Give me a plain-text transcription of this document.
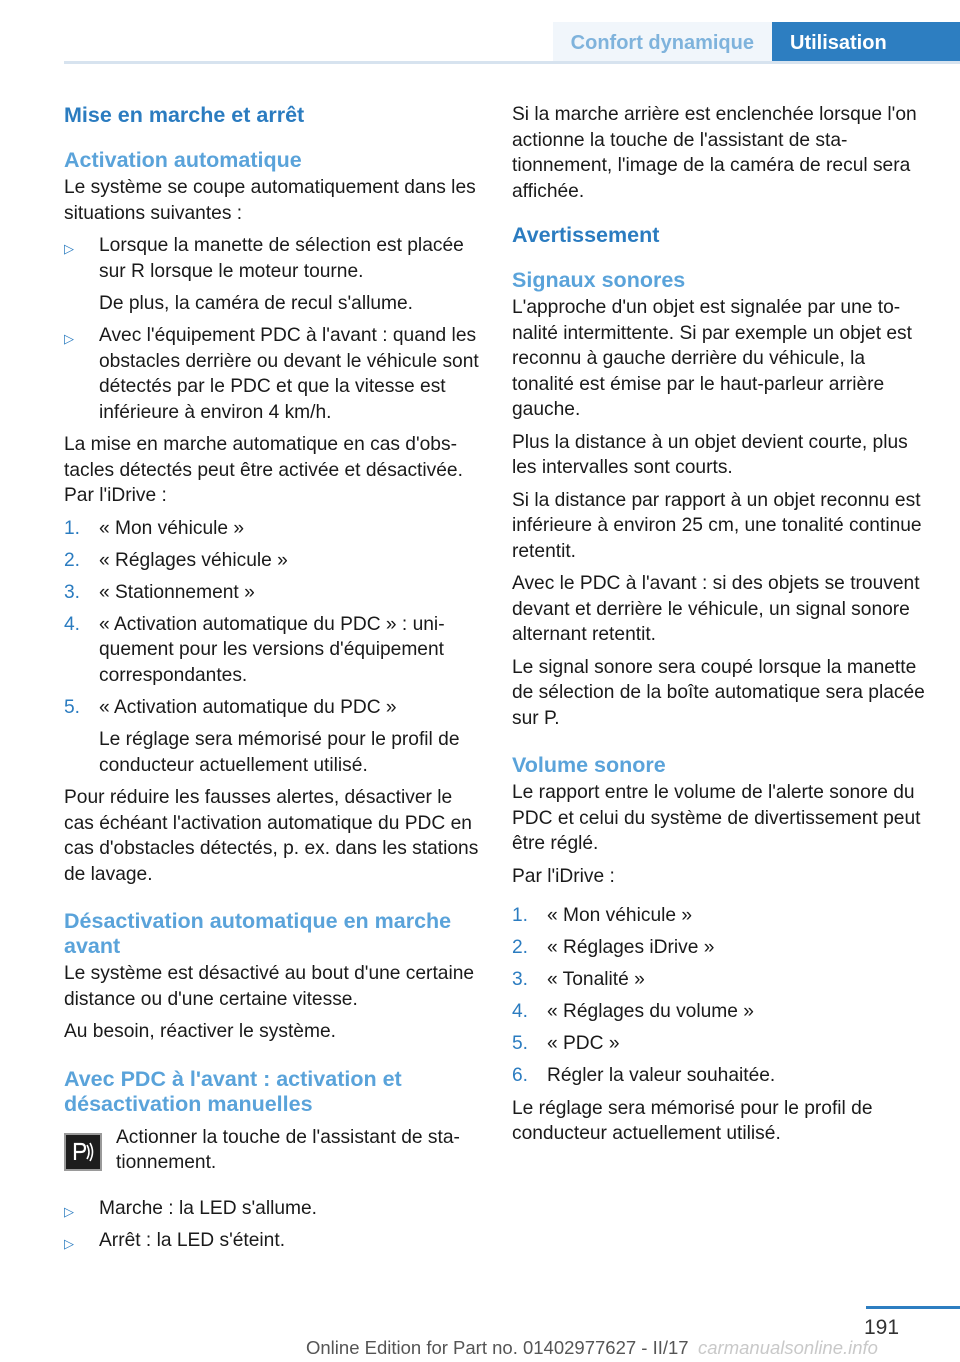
Confort dynamique	Utilisation
Mise en marche et arrêt
Activation automatique

Le système se coupe automatiquement dans les situations suivantes :

▷ Lorsque la manette de sélection est placée sur R lorsque le moteur tourne.
De plus, la caméra de recul s'allume.
▷ Avec l'équipement PDC à l'avant : quand les obstacles derrière ou devant le véhicule sont détectés par le PDC et que la vitesse est inférieure à environ 4 km/h.

La mise en marche automatique en cas d'obstacles détectés peut être activée et désactivée. Par l'iDrive :

1. « Mon véhicule »
2. « Réglages véhicule »
3. « Stationnement »
4. « Activation automatique du PDC » : uniquement pour les versions d'équipement correspondantes.
5. « Activation automatique du PDC »
Le réglage sera mémorisé pour le profil de conducteur actuellement utilisé.

Pour réduire les fausses alertes, désactiver le cas échéant l'activation automatique du PDC en cas d'obstacles détectés, p. ex. dans les stations de lavage.

Désactivation automatique en marche avant

Le système est désactivé au bout d'une certaine distance ou d'une certaine vitesse.

Au besoin, réactiver le système.

Avec PDC à l'avant : activation et désactivation manuelles
Actionner la touche de l'assistant de stationnement.
▷ Marche : la LED s'allume.
▷ Arrêt : la LED s'éteint.

Si la marche arrière est enclenchée lorsque l'on actionne la touche de l'assistant de stationnement, l'image de la caméra de recul sera affichée.

Avertissement
Signaux sonores

L'approche d'un objet est signalée par une tonalité intermittente. Si par exemple un objet est reconnu à gauche derrière du véhicule, la tonalité est émise par le haut-parleur arrière gauche.

Plus la distance à un objet devient courte, plus les intervalles sont courts.

Si la distance par rapport à un objet reconnu est inférieure à environ 25 cm, une tonalité continue retentit.

Avec le PDC à l'avant : si des objets se trouvent devant et derrière le véhicule, un signal sonore alternant retentit.

Le signal sonore sera coupé lorsque la manette de sélection de la boîte automatique sera placée sur P.

Volume sonore

Le rapport entre le volume de l'alerte sonore du PDC et celui du système de divertissement peut être réglé.

Par l'iDrive :

1. « Mon véhicule »
2. « Réglages iDrive »
3. « Tonalité »
4. « Réglages du volume »
5. « PDC »
6. Régler la valeur souhaitée.

Le réglage sera mémorisé pour le profil de conducteur actuellement utilisé.

191
Online Edition for Part no. 01402977627 - II/17 carmanualsonline.info
